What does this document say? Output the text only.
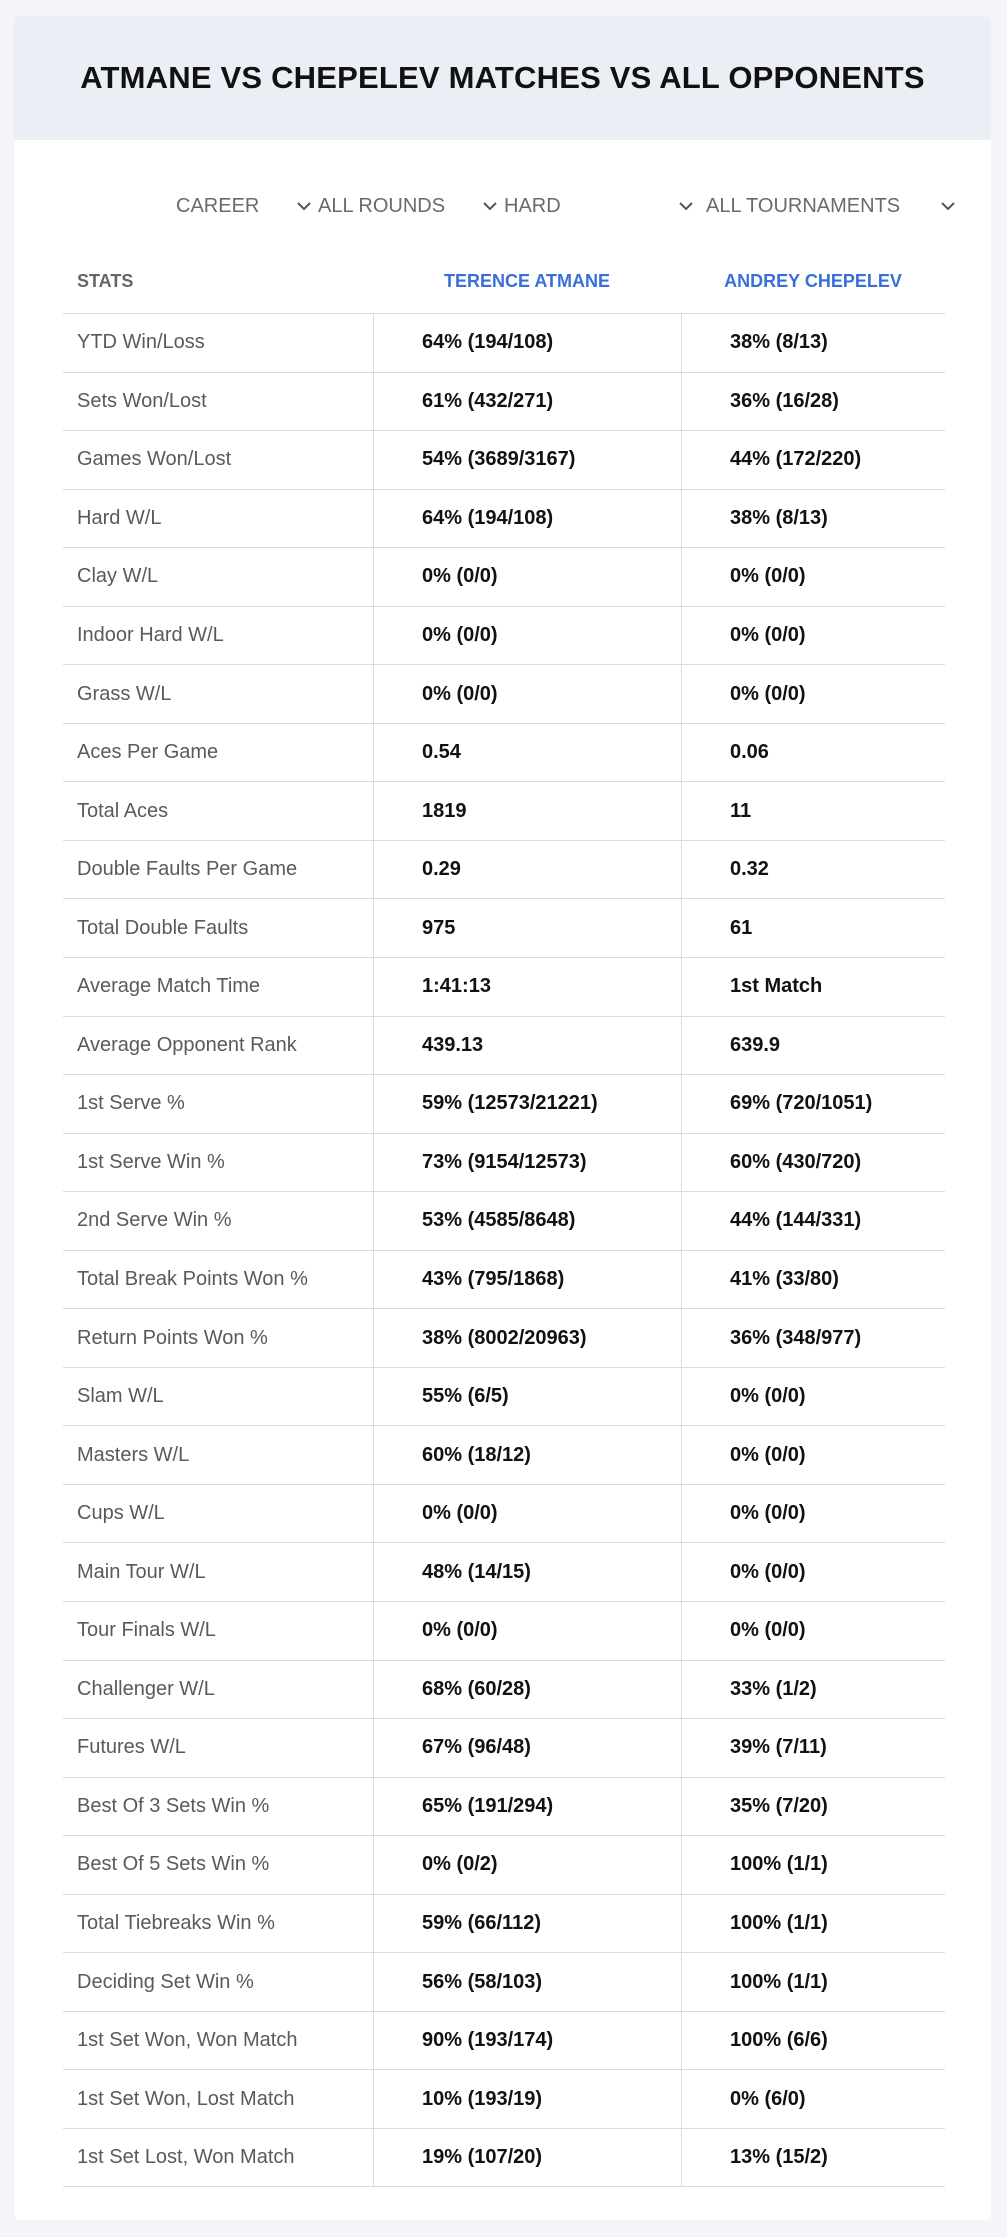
ATMANE VS CHEPELEV MATCHES VS ALL OPPONENTS
CAREER	ALL ROUNDS	HARD	ALL TOURNAMENTS
STATS	TERENCE ATMANE	ANDREY CHEPELEV
YTD Win/Loss	64% (194/108)	38% (8/13)
Sets Won/Lost	61% (432/271)	36% (16/28)
Games Won/Lost	54% (3689/3167)	44% (172/220)
Hard W/L	64% (194/108)	38% (8/13)
Clay W/L	0% (0/0)	0% (0/0)
Indoor Hard W/L	0% (0/0)	0% (0/0)
Grass W/L	0% (0/0)	0% (0/0)
Aces Per Game	0.54	0.06
Total Aces	1819	11
Double Faults Per Game	0.29	0.32
Total Double Faults	975	61
Average Match Time	1:41:13	1st Match
Average Opponent Rank	439.13	639.9
1st Serve %	59% (12573/21221)	69% (720/1051)
1st Serve Win %	73% (9154/12573)	60% (430/720)
2nd Serve Win %	53% (4585/8648)	44% (144/331)
Total Break Points Won %	43% (795/1868)	41% (33/80)
Return Points Won %	38% (8002/20963)	36% (348/977)
Slam W/L	55% (6/5)	0% (0/0)
Masters W/L	60% (18/12)	0% (0/0)
Cups W/L	0% (0/0)	0% (0/0)
Main Tour W/L	48% (14/15)	0% (0/0)
Tour Finals W/L	0% (0/0)	0% (0/0)
Challenger W/L	68% (60/28)	33% (1/2)
Futures W/L	67% (96/48)	39% (7/11)
Best Of 3 Sets Win %	65% (191/294)	35% (7/20)
Best Of 5 Sets Win %	0% (0/2)	100% (1/1)
Total Tiebreaks Win %	59% (66/112)	100% (1/1)
Deciding Set Win %	56% (58/103)	100% (1/1)
1st Set Won, Won Match	90% (193/174)	100% (6/6)
1st Set Won, Lost Match	10% (193/19)	0% (6/0)
1st Set Lost, Won Match	19% (107/20)	13% (15/2)
